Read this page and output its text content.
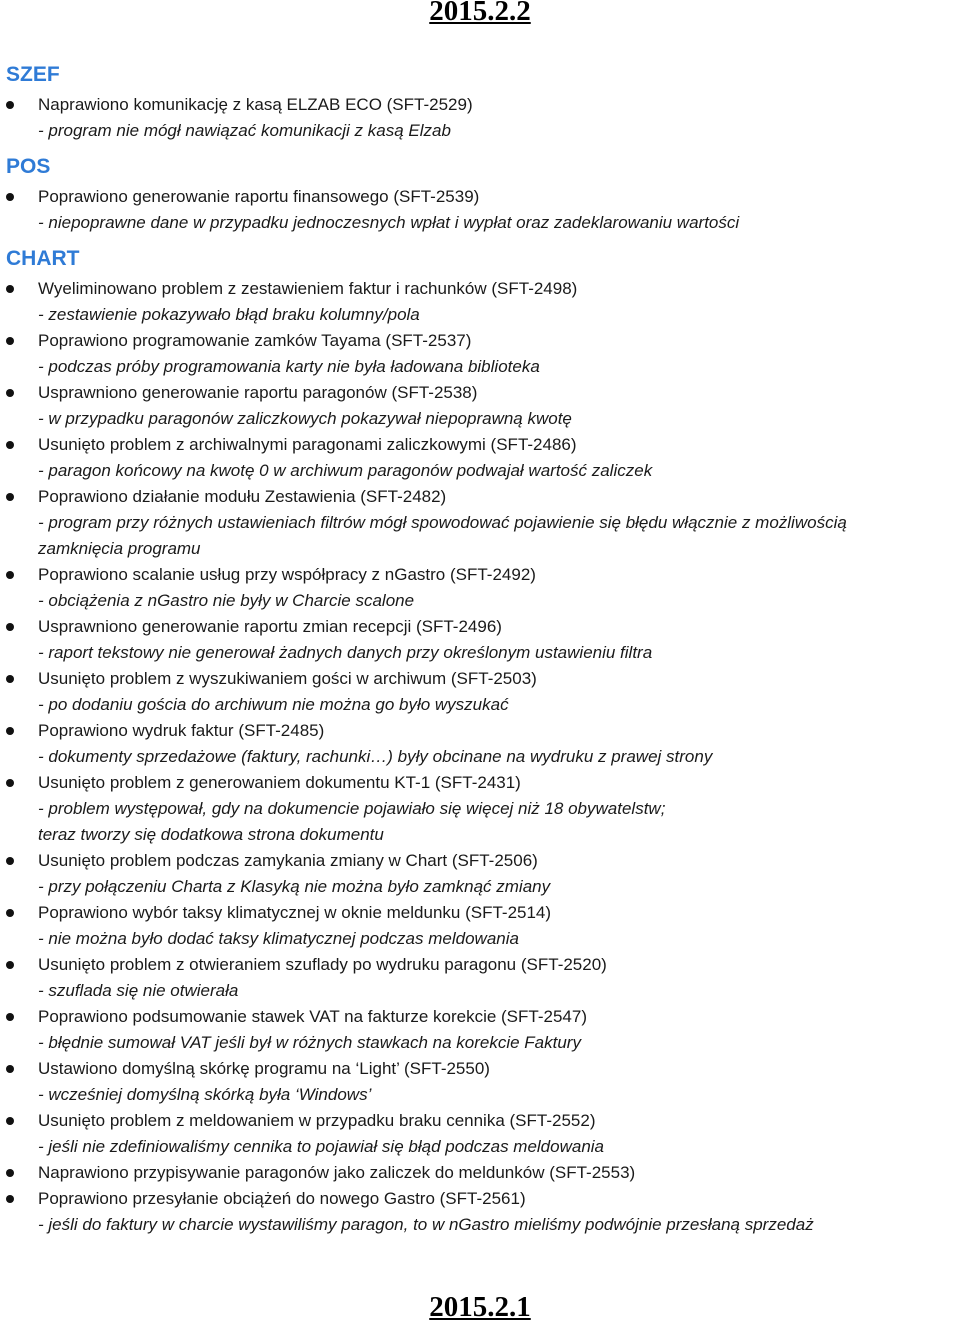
2015.2.2
SZEF
Naprawiono komunikację z kasą ELZAB ECO (SFT-2529)
- program nie mógł nawiązać komunikacji z kasą Elzab
POS
Poprawiono generowanie raportu finansowego (SFT-2539)
- niepoprawne dane w przypadku jednoczesnych wpłat i wypłat oraz zadeklarowaniu wartości
CHART
Wyeliminowano problem z zestawieniem faktur i rachunków (SFT-2498)
- zestawienie pokazywało błąd braku kolumny/pola
Poprawiono programowanie zamków Tayama (SFT-2537)
- podczas próby programowania karty nie była ładowana biblioteka
Usprawniono generowanie raportu paragonów (SFT-2538)
- w przypadku paragonów zaliczkowych pokazywał niepoprawną kwotę
Usunięto problem z archiwalnymi paragonami zaliczkowymi (SFT-2486)
- paragon końcowy na kwotę 0 w archiwum paragonów podwajał wartość zaliczek
Poprawiono działanie modułu Zestawienia (SFT-2482)
- program przy różnych ustawieniach filtrów mógł spowodować pojawienie się błędu włącznie z możliwością
zamknięcia programu
Poprawiono scalanie usług przy współpracy z nGastro (SFT-2492)
- obciążenia z nGastro nie były w Charcie scalone
Usprawniono generowanie raportu zmian recepcji (SFT-2496)
- raport tekstowy nie generował żadnych danych przy określonym ustawieniu filtra
Usunięto problem z wyszukiwaniem gości w archiwum (SFT-2503)
- po dodaniu gościa do archiwum nie można go było wyszukać
Poprawiono wydruk faktur (SFT-2485)
- dokumenty sprzedażowe (faktury, rachunki…) były obcinane na wydruku z prawej strony
Usunięto problem z generowaniem dokumentu KT-1 (SFT-2431)
- problem występował, gdy na dokumencie pojawiało się więcej niż 18 obywatelstw;
teraz tworzy się dodatkowa strona dokumentu
Usunięto problem podczas zamykania zmiany w Chart (SFT-2506)
- przy połączeniu Charta z Klasyką nie można było zamknąć zmiany
Poprawiono wybór taksy klimatycznej w oknie meldunku (SFT-2514)
- nie można było dodać taksy klimatycznej podczas meldowania
Usunięto problem z otwieraniem szuflady po wydruku paragonu (SFT-2520)
- szuflada się nie otwierała
Poprawiono podsumowanie stawek VAT na fakturze korekcie (SFT-2547)
- błędnie sumował VAT jeśli był w różnych stawkach na korekcie Faktury
Ustawiono domyślną skórkę programu na ‘Light’ (SFT-2550)
- wcześniej domyślną skórką była ‘Windows’
Usunięto problem z meldowaniem w przypadku braku cennika (SFT-2552)
- jeśli nie zdefiniowaliśmy cennika to pojawiał się błąd podczas meldowania
Naprawiono przypisywanie paragonów jako zaliczek do meldunków (SFT-2553)
Poprawiono przesyłanie obciążeń do nowego Gastro (SFT-2561)
- jeśli do faktury w charcie wystawiliśmy paragon, to w nGastro mieliśmy podwójnie przesłaną sprzedaż
2015.2.1
